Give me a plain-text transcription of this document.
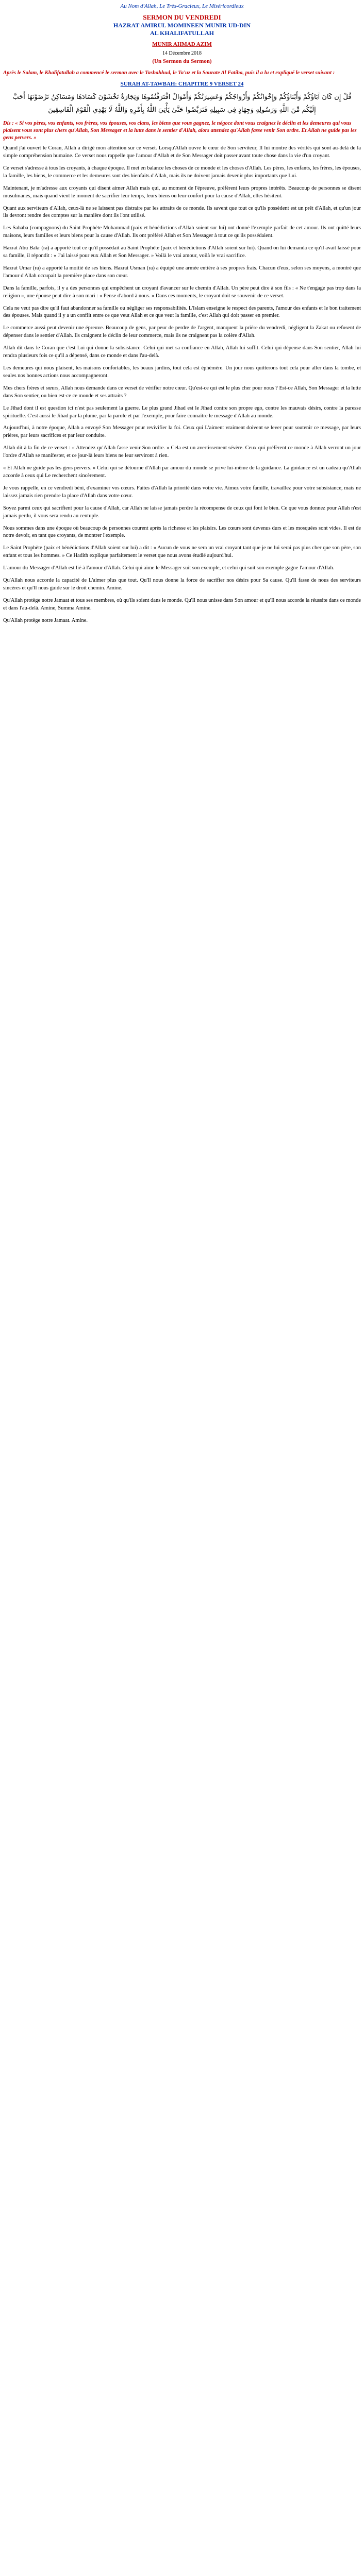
Au Nom d'Allah, Le Très-Gracieux, Le Miséricordieux
SERMON DU VENDREDI
HAZRAT AMIRUL MOMINEEN MUNIR UD-DIN
AL KHALIFATULLAH
MUNIR AHMAD AZIM
14 Décembre 2018
(Un Sermon du Sermon)
Après le Salam, le Khalifatullah a commencé le sermon avec le Tashahhud, le Ta'uz et la Sourate Al Fatiha, puis il a lu et expliqué le verset suivant :
SURAH AT-TAWBAH: CHAPITRE 9 VERSET 24
قُلْ إِن كَانَ آبَاؤُكُمْ وَأَبْنَاؤُكُمْ وَإِخْوَانُكُمْ وَأَزْوَاجُكُمْ وَعَشِيرَتُكُمْ وَأَمْوَالٌ اقْتَرَفْتُمُوهَا وَتِجَارَةٌ تَخْشَوْنَ كَسَادَهَا وَمَسَاكِنُ تَرْضَوْنَهَا أَحَبَّ إِلَيْكُم مِّنَ اللَّهِ وَرَسُولِهِ وَجِهَادٍ فِي سَبِيلِهِ فَتَرَبَّصُوا حَتَّىٰ يَأْتِيَ اللَّهُ بِأَمْرِهِ وَاللَّهُ لَا يَهْدِي الْقَوْمَ الْفَاسِقِينَ
Dis : « Si vos pères, vos enfants, vos frères, vos épouses, vos clans, les biens que vous gagnez, le négoce dont vous craignez le déclin et les demeures qui vous plaisent vous sont plus chers qu'Allah, Son Messager et la lutte dans le sentier d'Allah, alors attendez qu'Allah fasse venir Son ordre. Et Allah ne guide pas les gens pervers. »

Quand j'ai ouvert le Coran, Allah a dirigé mon attention sur ce verset. Lorsqu'Allah ouvre le cœur de Son serviteur, Il lui montre des vérités qui sont au-delà de la simple compréhension humaine. Ce verset nous rappelle que l'amour d'Allah et de Son Messager doit passer avant toute chose dans la vie d'un croyant.

Ce verset s'adresse à tous les croyants, à chaque époque. Il met en balance les choses de ce monde et les choses d'Allah. Les pères, les enfants, les frères, les épouses, la famille, les biens, le commerce et les demeures sont des bienfaits d'Allah, mais ils ne doivent jamais devenir plus importants que Lui.

Maintenant, je m'adresse aux croyants qui disent aimer Allah mais qui, au moment de l'épreuve, préfèrent leurs propres intérêts. Beaucoup de personnes se disent musulmanes, mais quand vient le moment de sacrifier leur temps, leurs biens ou leur confort pour la cause d'Allah, elles hésitent.

Quant aux serviteurs d'Allah, ceux-là ne se laissent pas distraire par les attraits de ce monde. Ils savent que tout ce qu'ils possèdent est un prêt d'Allah, et qu'un jour ils devront rendre des comptes sur la manière dont ils l'ont utilisé.

Les Sahaba (compagnons) du Saint Prophète Muhammad (paix et bénédictions d'Allah soient sur lui) ont donné l'exemple parfait de cet amour. Ils ont quitté leurs maisons, leurs familles et leurs biens pour la cause d'Allah. Ils ont préféré Allah et Son Messager à tout ce qu'ils possédaient.

Hazrat Abu Bakr (ra) a apporté tout ce qu'il possédait au Saint Prophète (paix et bénédictions d'Allah soient sur lui). Quand on lui demanda ce qu'il avait laissé pour sa famille, il répondit : « J'ai laissé pour eux Allah et Son Messager. » Voilà le vrai amour, voilà le vrai sacrifice.

Hazrat Umar (ra) a apporté la moitié de ses biens. Hazrat Usman (ra) a équipé une armée entière à ses propres frais. Chacun d'eux, selon ses moyens, a montré que l'amour d'Allah occupait la première place dans son cœur.

Dans la famille, parfois, il y a des personnes qui empêchent un croyant d'avancer sur le chemin d'Allah. Un père peut dire à son fils : « Ne t'engage pas trop dans la religion », une épouse peut dire à son mari : « Pense d'abord à nous. » Dans ces moments, le croyant doit se souvenir de ce verset.

Cela ne veut pas dire qu'il faut abandonner sa famille ou négliger ses responsabilités. L'Islam enseigne le respect des parents, l'amour des enfants et le bon traitement des épouses. Mais quand il y a un conflit entre ce que veut Allah et ce que veut la famille, c'est Allah qui doit passer en premier.

Le commerce aussi peut devenir une épreuve. Beaucoup de gens, par peur de perdre de l'argent, manquent la prière du vendredi, négligent la Zakat ou refusent de dépenser dans le sentier d'Allah. Ils craignent le déclin de leur commerce, mais ils ne craignent pas la colère d'Allah.

Allah dit dans le Coran que c'est Lui qui donne la subsistance. Celui qui met sa confiance en Allah, Allah lui suffit. Celui qui dépense dans Son sentier, Allah lui rendra plusieurs fois ce qu'il a dépensé, dans ce monde et dans l'au-delà.

Les demeures qui nous plaisent, les maisons confortables, les beaux jardins, tout cela est éphémère. Un jour nous quitterons tout cela pour aller dans la tombe, et seules nos bonnes actions nous accompagneront.

Mes chers frères et sœurs, Allah nous demande dans ce verset de vérifier notre cœur. Qu'est-ce qui est le plus cher pour nous ? Est-ce Allah, Son Messager et la lutte dans Son sentier, ou bien est-ce ce monde et ses attraits ?

Le Jihad dont il est question ici n'est pas seulement la guerre. Le plus grand Jihad est le Jihad contre son propre ego, contre les mauvais désirs, contre la paresse spirituelle. C'est aussi le Jihad par la plume, par la parole et par l'exemple, pour faire connaître le message d'Allah au monde.

Aujourd'hui, à notre époque, Allah a envoyé Son Messager pour revivifier la foi. Ceux qui L'aiment vraiment doivent se lever pour soutenir ce message, par leurs prières, par leurs sacrifices et par leur conduite.

Allah dit à la fin de ce verset : « Attendez qu'Allah fasse venir Son ordre. » Cela est un avertissement sévère. Ceux qui préfèrent ce monde à Allah verront un jour l'ordre d'Allah se manifester, et ce jour-là leurs biens ne leur serviront à rien.

« Et Allah ne guide pas les gens pervers. » Celui qui se détourne d'Allah par amour du monde se prive lui-même de la guidance. La guidance est un cadeau qu'Allah accorde à ceux qui Le recherchent sincèrement.

Je vous rappelle, en ce vendredi béni, d'examiner vos cœurs. Faites d'Allah la priorité dans votre vie. Aimez votre famille, travaillez pour votre subsistance, mais ne laissez jamais rien prendre la place d'Allah dans votre cœur.

Soyez parmi ceux qui sacrifient pour la cause d'Allah, car Allah ne laisse jamais perdre la récompense de ceux qui font le bien. Ce que vous donnez pour Allah n'est jamais perdu, il vous sera rendu au centuple.

Nous sommes dans une époque où beaucoup de personnes courent après la richesse et les plaisirs. Les cœurs sont devenus durs et les mosquées sont vides. Il est de notre devoir, en tant que croyants, de montrer l'exemple.

Le Saint Prophète (paix et bénédictions d'Allah soient sur lui) a dit : « Aucun de vous ne sera un vrai croyant tant que je ne lui serai pas plus cher que son père, son enfant et tous les hommes. » Ce Hadith explique parfaitement le verset que nous avons étudié aujourd'hui.

L'amour du Messager d'Allah est lié à l'amour d'Allah. Celui qui aime le Messager suit son exemple, et celui qui suit son exemple gagne l'amour d'Allah.

Qu'Allah nous accorde la capacité de L'aimer plus que tout. Qu'Il nous donne la force de sacrifier nos désirs pour Sa cause. Qu'Il fasse de nous des serviteurs sincères et qu'Il nous guide sur le droit chemin. Amine.

Qu'Allah protège notre Jamaat et tous ses membres, où qu'ils soient dans le monde. Qu'Il nous unisse dans Son amour et qu'Il nous accorde la réussite dans ce monde et dans l'au-delà. Amine, Summa Amine.

Qu'Allah protège notre Jamaat. Amine.
